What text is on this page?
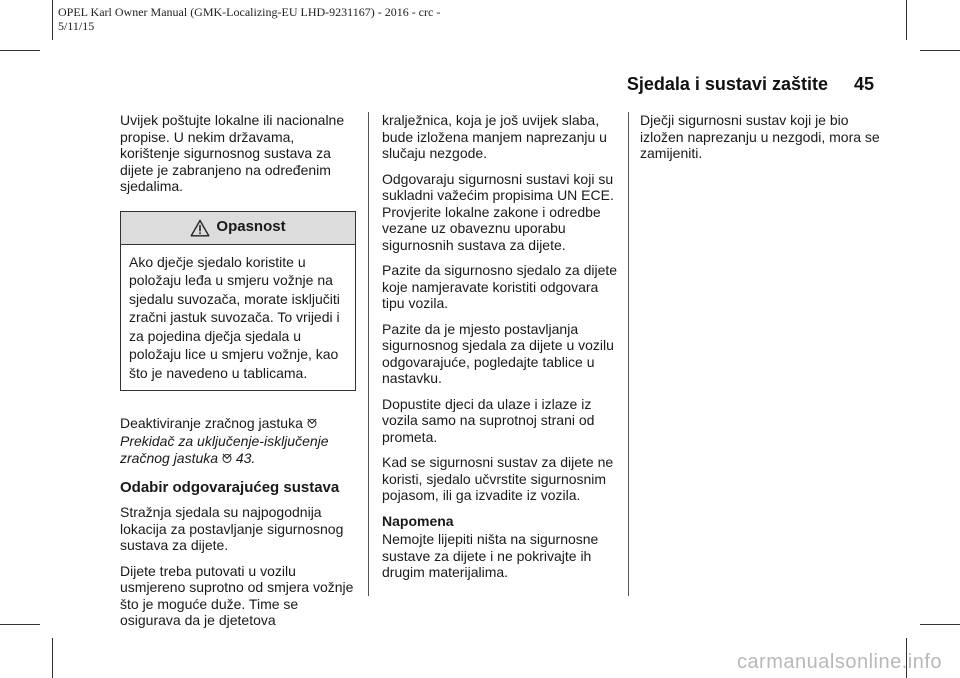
OPEL Karl Owner Manual (GMK-Localizing-EU LHD-9231167) - 2016 - crc -
5/11/15
Sjedala i sustavi zaštite 45

Uvijek poštujte lokalne ili nacionalne propise. U nekim državama, korištenje sigurnosnog sustava za dijete je zabranjeno na određenim sjedalima.

Opasnost
Ako dječje sjedalo koristite u položaju leđa u smjeru vožnje na sjedalu suvozača, morate isključiti zračni jastuk suvozača. To vrijedi i za pojedina dječja sjedala u položaju lice u smjeru vožnje, kao što je navedeno u tablicama.

Deaktiviranje zračnog jastuka  Prekidač za uključenje-isključenje zračnog jastuka 43.

Odabir odgovarajućeg sustava

Stražnja sjedala su najpogodnija lokacija za postavljanje sigurnosnog sustava za dijete.

Dijete treba putovati u vozilu usmjereno suprotno od smjera vožnje što je moguće duže. Time se osigurava da je djetetova

kralježnica, koja je još uvijek slaba, bude izložena manjem naprezanju u slučaju nezgode.

Odgovaraju sigurnosni sustavi koji su sukladni važećim propisima UN ECE. Provjerite lokalne zakone i odredbe vezane uz obaveznu uporabu sigurnosnih sustava za dijete.

Pazite da sigurnosno sjedalo za dijete koje namjeravate koristiti odgovara tipu vozila.

Pazite da je mjesto postavljanja sigurnosnog sjedala za dijete u vozilu odgovarajuće, pogledajte tablice u nastavku.

Dopustite djeci da ulaze i izlaze iz vozila samo na suprotnoj strani od prometa.

Kad se sigurnosni sustav za dijete ne koristi, sjedalo učvrstite sigurnosnim pojasom, ili ga izvadite iz vozila.

Napomena

Nemojte lijepiti ništa na sigurnosne sustave za dijete i ne pokrivajte ih drugim materijalima.

Dječji sigurnosni sustav koji je bio izložen naprezanju u nezgodi, mora se zamijeniti.

carmanualsonline.info
